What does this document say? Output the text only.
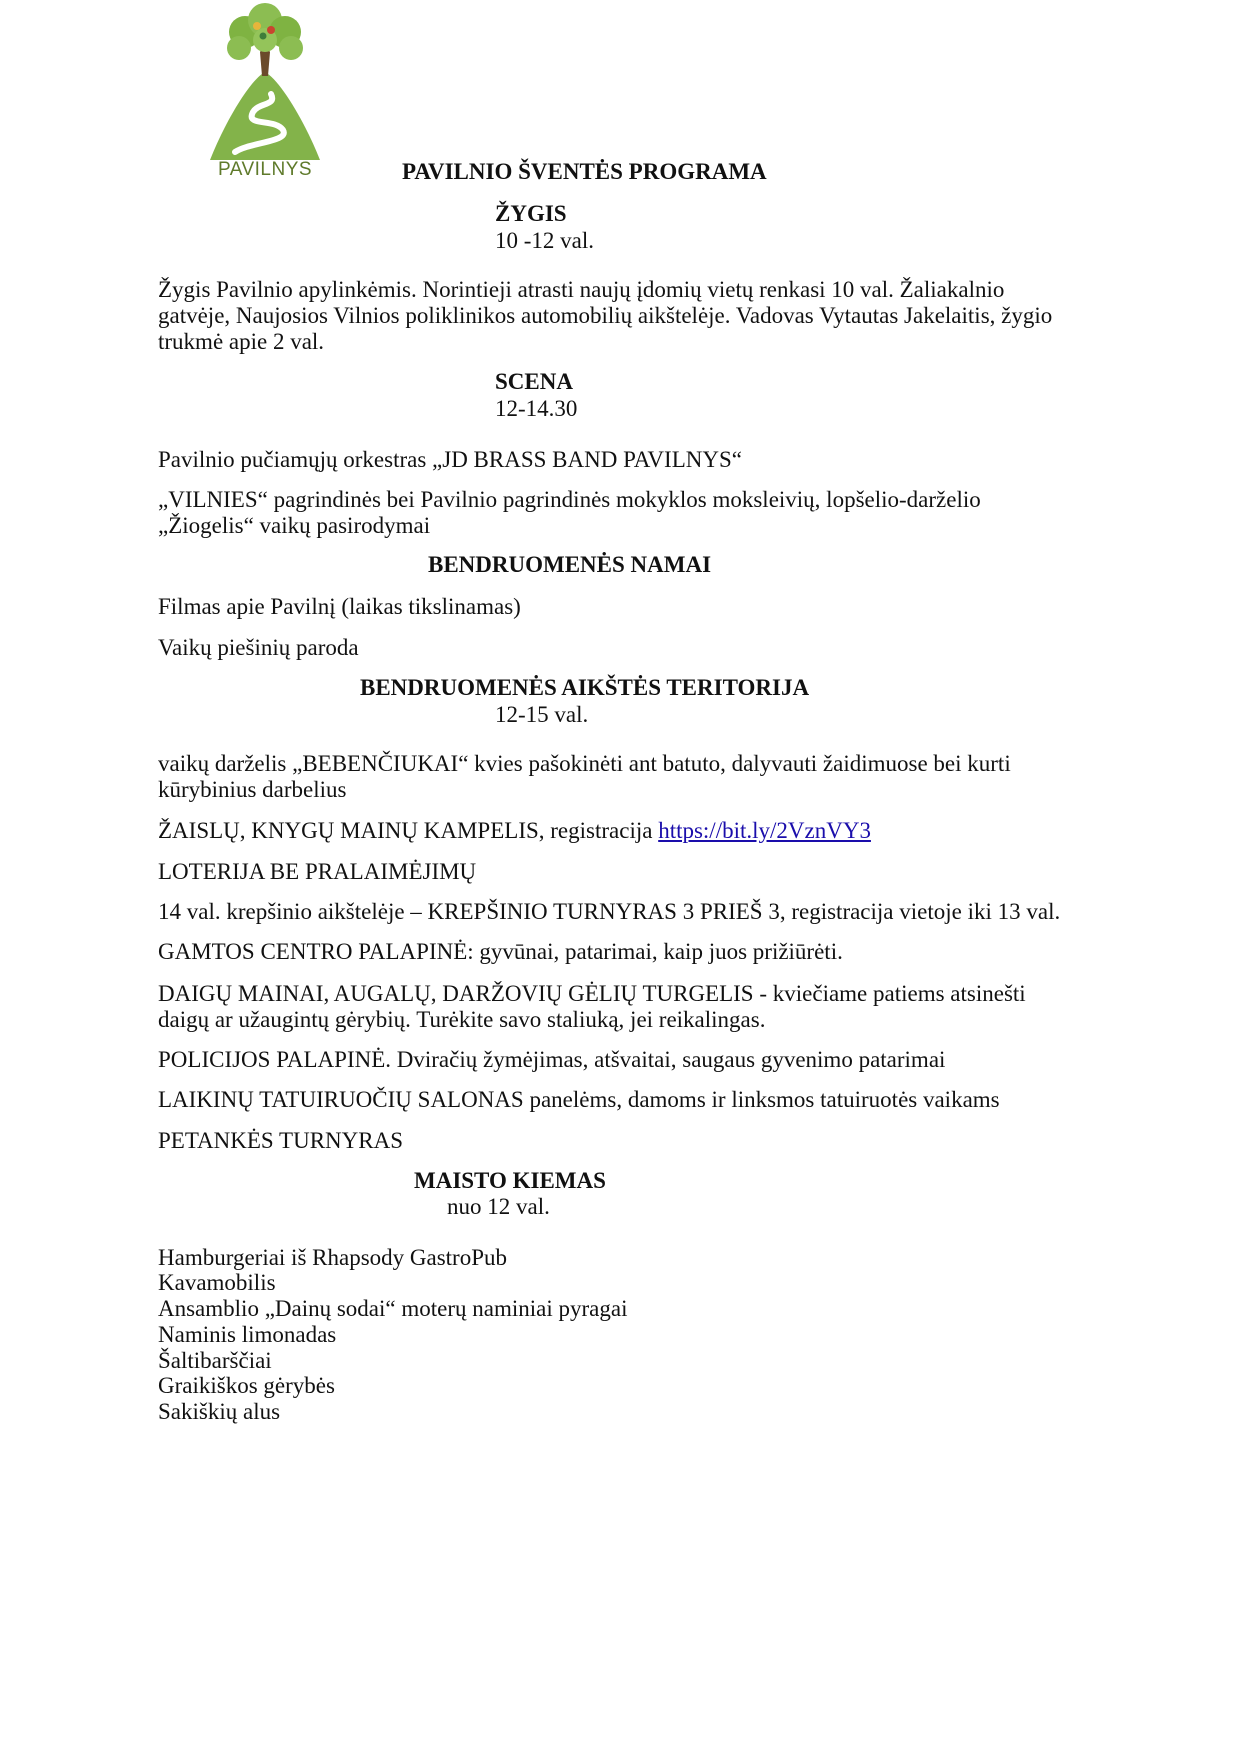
PAVILNYS	PAVILNIO ŠVENTĖS PROGRAMA

ŽYGIS

10 -12 val.

Žygis Pavilnio apylinkėmis. Norintieji atrasti naujų įdomių vietų renkasi 10 val. Žaliakalnio

gatvėje, Naujosios Vilnios poliklinikos automobilių aikštelėje. Vadovas Vytautas Jakelaitis, žygio

trukmė apie 2 val.

SCENA

12-14.30

Pavilnio pučiamųjų orkestras „JD BRASS BAND PAVILNYS“

„VILNIES“ pagrindinės bei Pavilnio pagrindinės mokyklos moksleivių, lopšelio-darželio

„Žiogelis“ vaikų pasirodymai

BENDRUOMENĖS NAMAI

Filmas apie Pavilnį (laikas tikslinamas)

Vaikų piešinių paroda

BENDRUOMENĖS AIKŠTĖS TERITORIJA

12-15 val.

vaikų darželis „BEBENČIUKAI“ kvies pašokinėti ant batuto, dalyvauti žaidimuose bei kurti

kūrybinius darbelius

ŽAISLŲ, KNYGŲ MAINŲ KAMPELIS, registracija https://bit.ly/2VznVY3

LOTERIJA BE PRALAIMĖJIMŲ

14 val. krepšinio aikštelėje – KREPŠINIO TURNYRAS 3 PRIEŠ 3, registracija vietoje iki 13 val.

GAMTOS CENTRO PALAPINĖ: gyvūnai, patarimai, kaip juos prižiūrėti.

DAIGŲ MAINAI, AUGALŲ, DARŽOVIŲ GĖLIŲ TURGELIS - kviečiame patiems atsinešti

daigų ar užaugintų gėrybių. Turėkite savo staliuką, jei reikalingas.

POLICIJOS PALAPINĖ. Dviračių žymėjimas, atšvaitai, saugaus gyvenimo patarimai

LAIKINŲ TATUIRUOČIŲ SALONAS panelėms, damoms ir linksmos tatuiruotės vaikams

PETANKĖS TURNYRAS

MAISTO KIEMAS

nuo 12 val.

Hamburgeriai iš Rhapsody GastroPub

Kavamobilis

Ansamblio „Dainų sodai“ moterų naminiai pyragai

Naminis limonadas

Šaltibarščiai

Graikiškos gėrybės

Sakiškių alus
